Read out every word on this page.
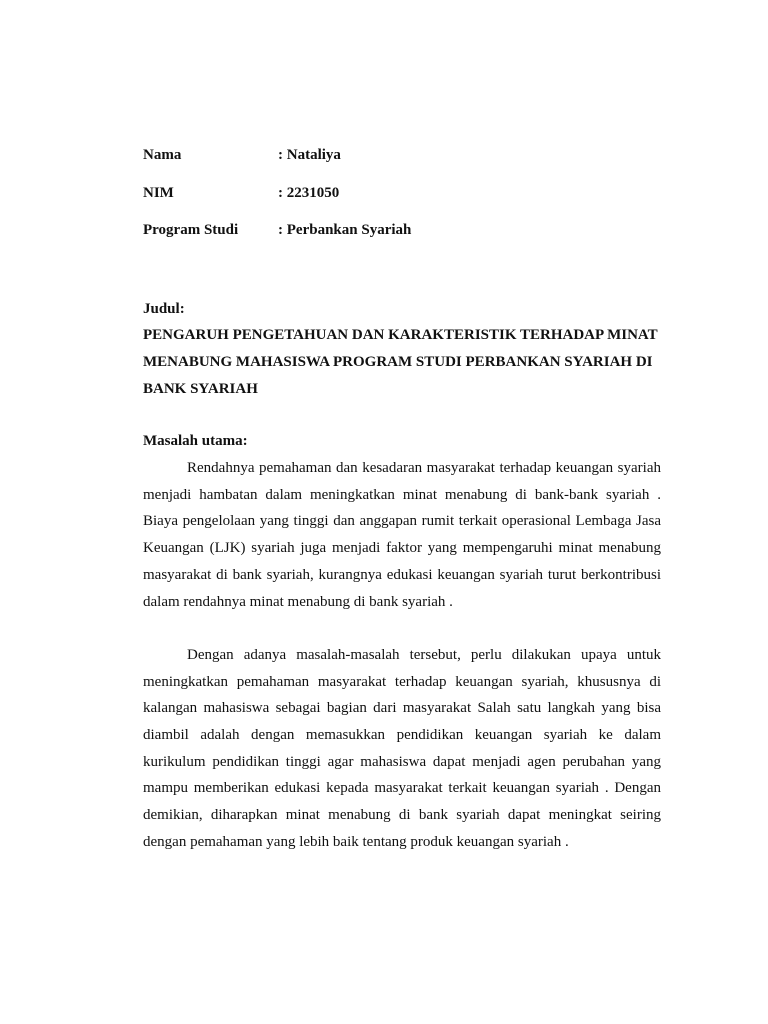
Nama	: Nataliya
NIM	: 2231050
Program Studi	: Perbankan Syariah
Judul:
PENGARUH PENGETAHUAN DAN KARAKTERISTIK TERHADAP MINAT MENABUNG MAHASISWA PROGRAM STUDI PERBANKAN SYARIAH DI BANK SYARIAH
Masalah utama:

Rendahnya pemahaman dan kesadaran masyarakat terhadap keuangan syariah menjadi hambatan dalam meningkatkan minat menabung di bank-bank syariah . Biaya pengelolaan yang tinggi dan anggapan rumit terkait operasional Lembaga Jasa Keuangan (LJK) syariah juga menjadi faktor yang mempengaruhi minat menabung masyarakat di bank syariah, kurangnya edukasi keuangan syariah turut berkontribusi dalam rendahnya minat menabung di bank syariah .

Dengan adanya masalah-masalah tersebut, perlu dilakukan upaya untuk meningkatkan pemahaman masyarakat terhadap keuangan syariah, khususnya di kalangan mahasiswa sebagai bagian dari masyarakat Salah satu langkah yang bisa diambil adalah dengan memasukkan pendidikan keuangan syariah ke dalam kurikulum pendidikan tinggi agar mahasiswa dapat menjadi agen perubahan yang mampu memberikan edukasi kepada masyarakat terkait keuangan syariah . Dengan demikian, diharapkan minat menabung di bank syariah dapat meningkat seiring dengan pemahaman yang lebih baik tentang produk keuangan syariah .
